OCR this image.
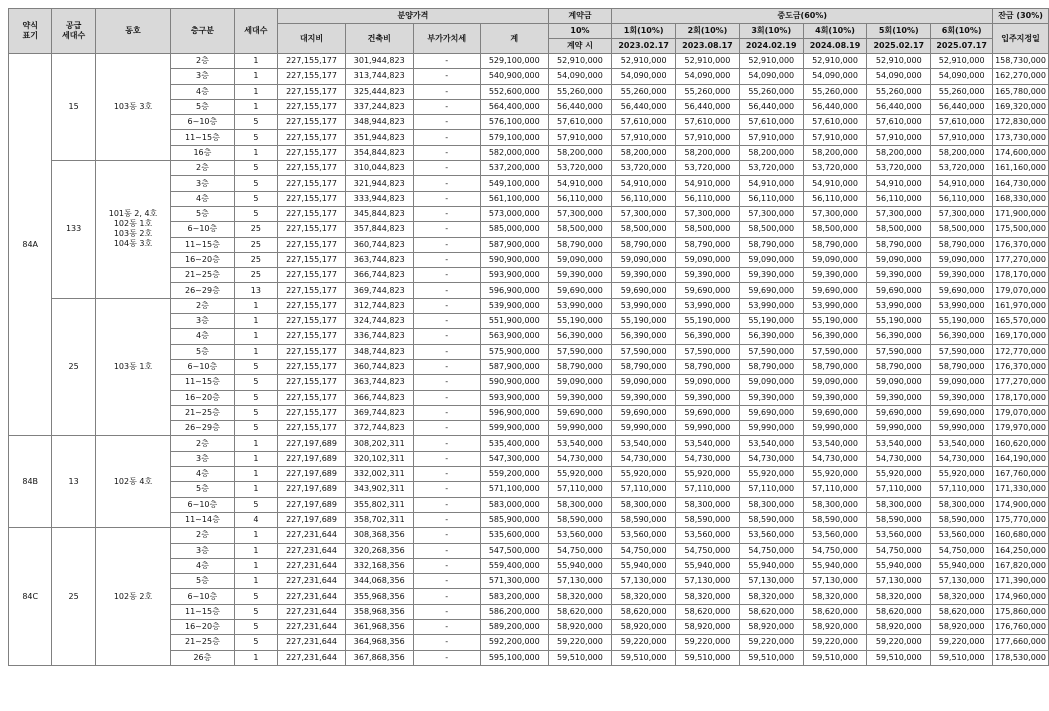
약식
표기	공급
세대수	동호	층구분	세대수	분양가격				계약금	중도금(60%)						잔금 (30%)
					대지비	건축비	부가가치세	계	10%	1회(10%)	2회(10%)	3회(10%)	4회(10%)	5회(10%)	6회(10%)	입주지정일
									계약 시	2023.02.17	2023.08.17	2024.02.19	2024.08.19	2025.02.17	2025.07.17	
84A	15	103동 3호	2층	1	227,155,177	301,944,823	-	529,100,000	52,910,000	52,910,000	52,910,000	52,910,000	52,910,000	52,910,000	52,910,000	158,730,000
			3층	1	227,155,177	313,744,823	-	540,900,000	54,090,000	54,090,000	54,090,000	54,090,000	54,090,000	54,090,000	54,090,000	162,270,000
			4층	1	227,155,177	325,444,823	-	552,600,000	55,260,000	55,260,000	55,260,000	55,260,000	55,260,000	55,260,000	55,260,000	165,780,000
			5층	1	227,155,177	337,244,823	-	564,400,000	56,440,000	56,440,000	56,440,000	56,440,000	56,440,000	56,440,000	56,440,000	169,320,000
			6~10층	5	227,155,177	348,944,823	-	576,100,000	57,610,000	57,610,000	57,610,000	57,610,000	57,610,000	57,610,000	57,610,000	172,830,000
			11~15층	5	227,155,177	351,944,823	-	579,100,000	57,910,000	57,910,000	57,910,000	57,910,000	57,910,000	57,910,000	57,910,000	173,730,000
			16층	1	227,155,177	354,844,823	-	582,000,000	58,200,000	58,200,000	58,200,000	58,200,000	58,200,000	58,200,000	58,200,000	174,600,000
	133	101동 2, 4호
102동 1호
103동 2호
104동 3호	2층	5	227,155,177	310,044,823	-	537,200,000	53,720,000	53,720,000	53,720,000	53,720,000	53,720,000	53,720,000	53,720,000	161,160,000
			3층	5	227,155,177	321,944,823	-	549,100,000	54,910,000	54,910,000	54,910,000	54,910,000	54,910,000	54,910,000	54,910,000	164,730,000
			4층	5	227,155,177	333,944,823	-	561,100,000	56,110,000	56,110,000	56,110,000	56,110,000	56,110,000	56,110,000	56,110,000	168,330,000
			5층	5	227,155,177	345,844,823	-	573,000,000	57,300,000	57,300,000	57,300,000	57,300,000	57,300,000	57,300,000	57,300,000	171,900,000
			6~10층	25	227,155,177	357,844,823	-	585,000,000	58,500,000	58,500,000	58,500,000	58,500,000	58,500,000	58,500,000	58,500,000	175,500,000
			11~15층	25	227,155,177	360,744,823	-	587,900,000	58,790,000	58,790,000	58,790,000	58,790,000	58,790,000	58,790,000	58,790,000	176,370,000
			16~20층	25	227,155,177	363,744,823	-	590,900,000	59,090,000	59,090,000	59,090,000	59,090,000	59,090,000	59,090,000	59,090,000	177,270,000
			21~25층	25	227,155,177	366,744,823	-	593,900,000	59,390,000	59,390,000	59,390,000	59,390,000	59,390,000	59,390,000	59,390,000	178,170,000
			26~29층	13	227,155,177	369,744,823	-	596,900,000	59,690,000	59,690,000	59,690,000	59,690,000	59,690,000	59,690,000	59,690,000	179,070,000
	25	103동 1호	2층	1	227,155,177	312,744,823	-	539,900,000	53,990,000	53,990,000	53,990,000	53,990,000	53,990,000	53,990,000	53,990,000	161,970,000
			3층	1	227,155,177	324,744,823	-	551,900,000	55,190,000	55,190,000	55,190,000	55,190,000	55,190,000	55,190,000	55,190,000	165,570,000
			4층	1	227,155,177	336,744,823	-	563,900,000	56,390,000	56,390,000	56,390,000	56,390,000	56,390,000	56,390,000	56,390,000	169,170,000
			5층	1	227,155,177	348,744,823	-	575,900,000	57,590,000	57,590,000	57,590,000	57,590,000	57,590,000	57,590,000	57,590,000	172,770,000
			6~10층	5	227,155,177	360,744,823	-	587,900,000	58,790,000	58,790,000	58,790,000	58,790,000	58,790,000	58,790,000	58,790,000	176,370,000
			11~15층	5	227,155,177	363,744,823	-	590,900,000	59,090,000	59,090,000	59,090,000	59,090,000	59,090,000	59,090,000	59,090,000	177,270,000
			16~20층	5	227,155,177	366,744,823	-	593,900,000	59,390,000	59,390,000	59,390,000	59,390,000	59,390,000	59,390,000	59,390,000	178,170,000
			21~25층	5	227,155,177	369,744,823	-	596,900,000	59,690,000	59,690,000	59,690,000	59,690,000	59,690,000	59,690,000	59,690,000	179,070,000
			26~29층	5	227,155,177	372,744,823	-	599,900,000	59,990,000	59,990,000	59,990,000	59,990,000	59,990,000	59,990,000	59,990,000	179,970,000
84B	13	102동 4호	2층	1	227,197,689	308,202,311	-	535,400,000	53,540,000	53,540,000	53,540,000	53,540,000	53,540,000	53,540,000	53,540,000	160,620,000
			3층	1	227,197,689	320,102,311	-	547,300,000	54,730,000	54,730,000	54,730,000	54,730,000	54,730,000	54,730,000	54,730,000	164,190,000
			4층	1	227,197,689	332,002,311	-	559,200,000	55,920,000	55,920,000	55,920,000	55,920,000	55,920,000	55,920,000	55,920,000	167,760,000
			5층	1	227,197,689	343,902,311	-	571,100,000	57,110,000	57,110,000	57,110,000	57,110,000	57,110,000	57,110,000	57,110,000	171,330,000
			6~10층	5	227,197,689	355,802,311	-	583,000,000	58,300,000	58,300,000	58,300,000	58,300,000	58,300,000	58,300,000	58,300,000	174,900,000
			11~14층	4	227,197,689	358,702,311	-	585,900,000	58,590,000	58,590,000	58,590,000	58,590,000	58,590,000	58,590,000	58,590,000	175,770,000
84C	25	102동 2호	2층	1	227,231,644	308,368,356	-	535,600,000	53,560,000	53,560,000	53,560,000	53,560,000	53,560,000	53,560,000	53,560,000	160,680,000
			3층	1	227,231,644	320,268,356	-	547,500,000	54,750,000	54,750,000	54,750,000	54,750,000	54,750,000	54,750,000	54,750,000	164,250,000
			4층	1	227,231,644	332,168,356	-	559,400,000	55,940,000	55,940,000	55,940,000	55,940,000	55,940,000	55,940,000	55,940,000	167,820,000
			5층	1	227,231,644	344,068,356	-	571,300,000	57,130,000	57,130,000	57,130,000	57,130,000	57,130,000	57,130,000	57,130,000	171,390,000
			6~10층	5	227,231,644	355,968,356	-	583,200,000	58,320,000	58,320,000	58,320,000	58,320,000	58,320,000	58,320,000	58,320,000	174,960,000
			11~15층	5	227,231,644	358,968,356	-	586,200,000	58,620,000	58,620,000	58,620,000	58,620,000	58,620,000	58,620,000	58,620,000	175,860,000
			16~20층	5	227,231,644	361,968,356	-	589,200,000	58,920,000	58,920,000	58,920,000	58,920,000	58,920,000	58,920,000	58,920,000	176,760,000
			21~25층	5	227,231,644	364,968,356	-	592,200,000	59,220,000	59,220,000	59,220,000	59,220,000	59,220,000	59,220,000	59,220,000	177,660,000
			26층	1	227,231,644	367,868,356	-	595,100,000	59,510,000	59,510,000	59,510,000	59,510,000	59,510,000	59,510,000	59,510,000	178,530,000
